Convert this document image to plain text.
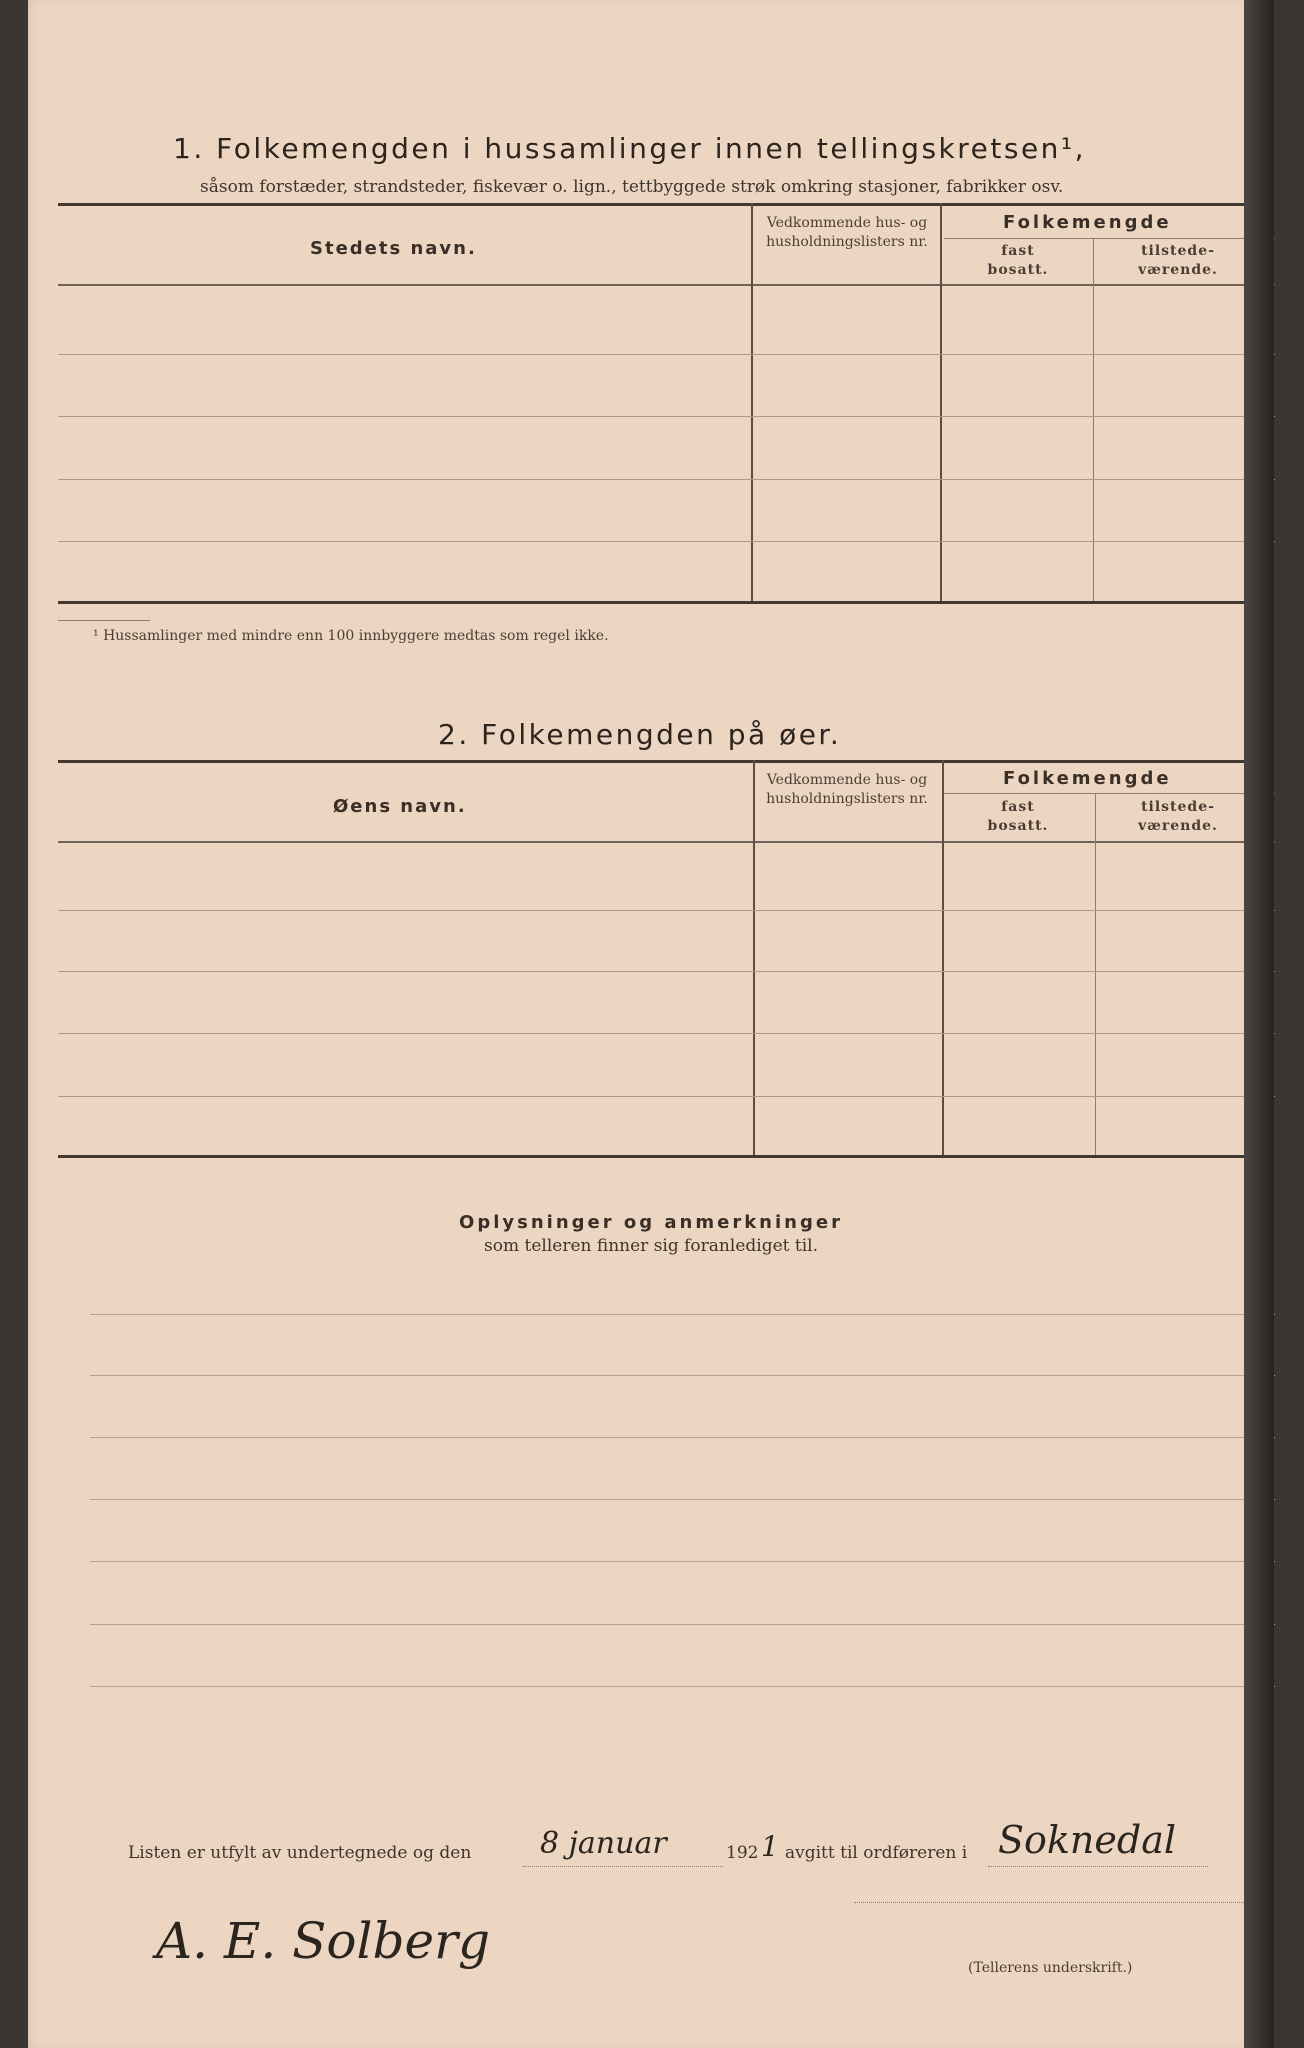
1. Folkemengden i hussamlinger innen tellingskretsen¹,
såsom forstæder, strandsteder, fiskevær o. lign., tettbyggede strøk omkring stasjoner, fabrikker osv.
Stedets navn.
Vedkommende hus- og husholdningslisters nr.
Folkemengde
fast bosatt.
tilstede-værende.
¹ Hussamlinger med mindre enn 100 innbyggere medtas som regel ikke.
2. Folkemengden på øer.
Øens navn.
Vedkommende hus- og husholdningslisters nr.
Folkemengde
fast bosatt.
tilstede-værende.
Oplysninger og anmerkninger
som telleren finner sig foranlediget til.
Listen er utfylt av undertegnede og den 8 januar	192 1 avgitt til ordføreren i Soknedal
A. E. Solberg	(Tellerens underskrift.)
